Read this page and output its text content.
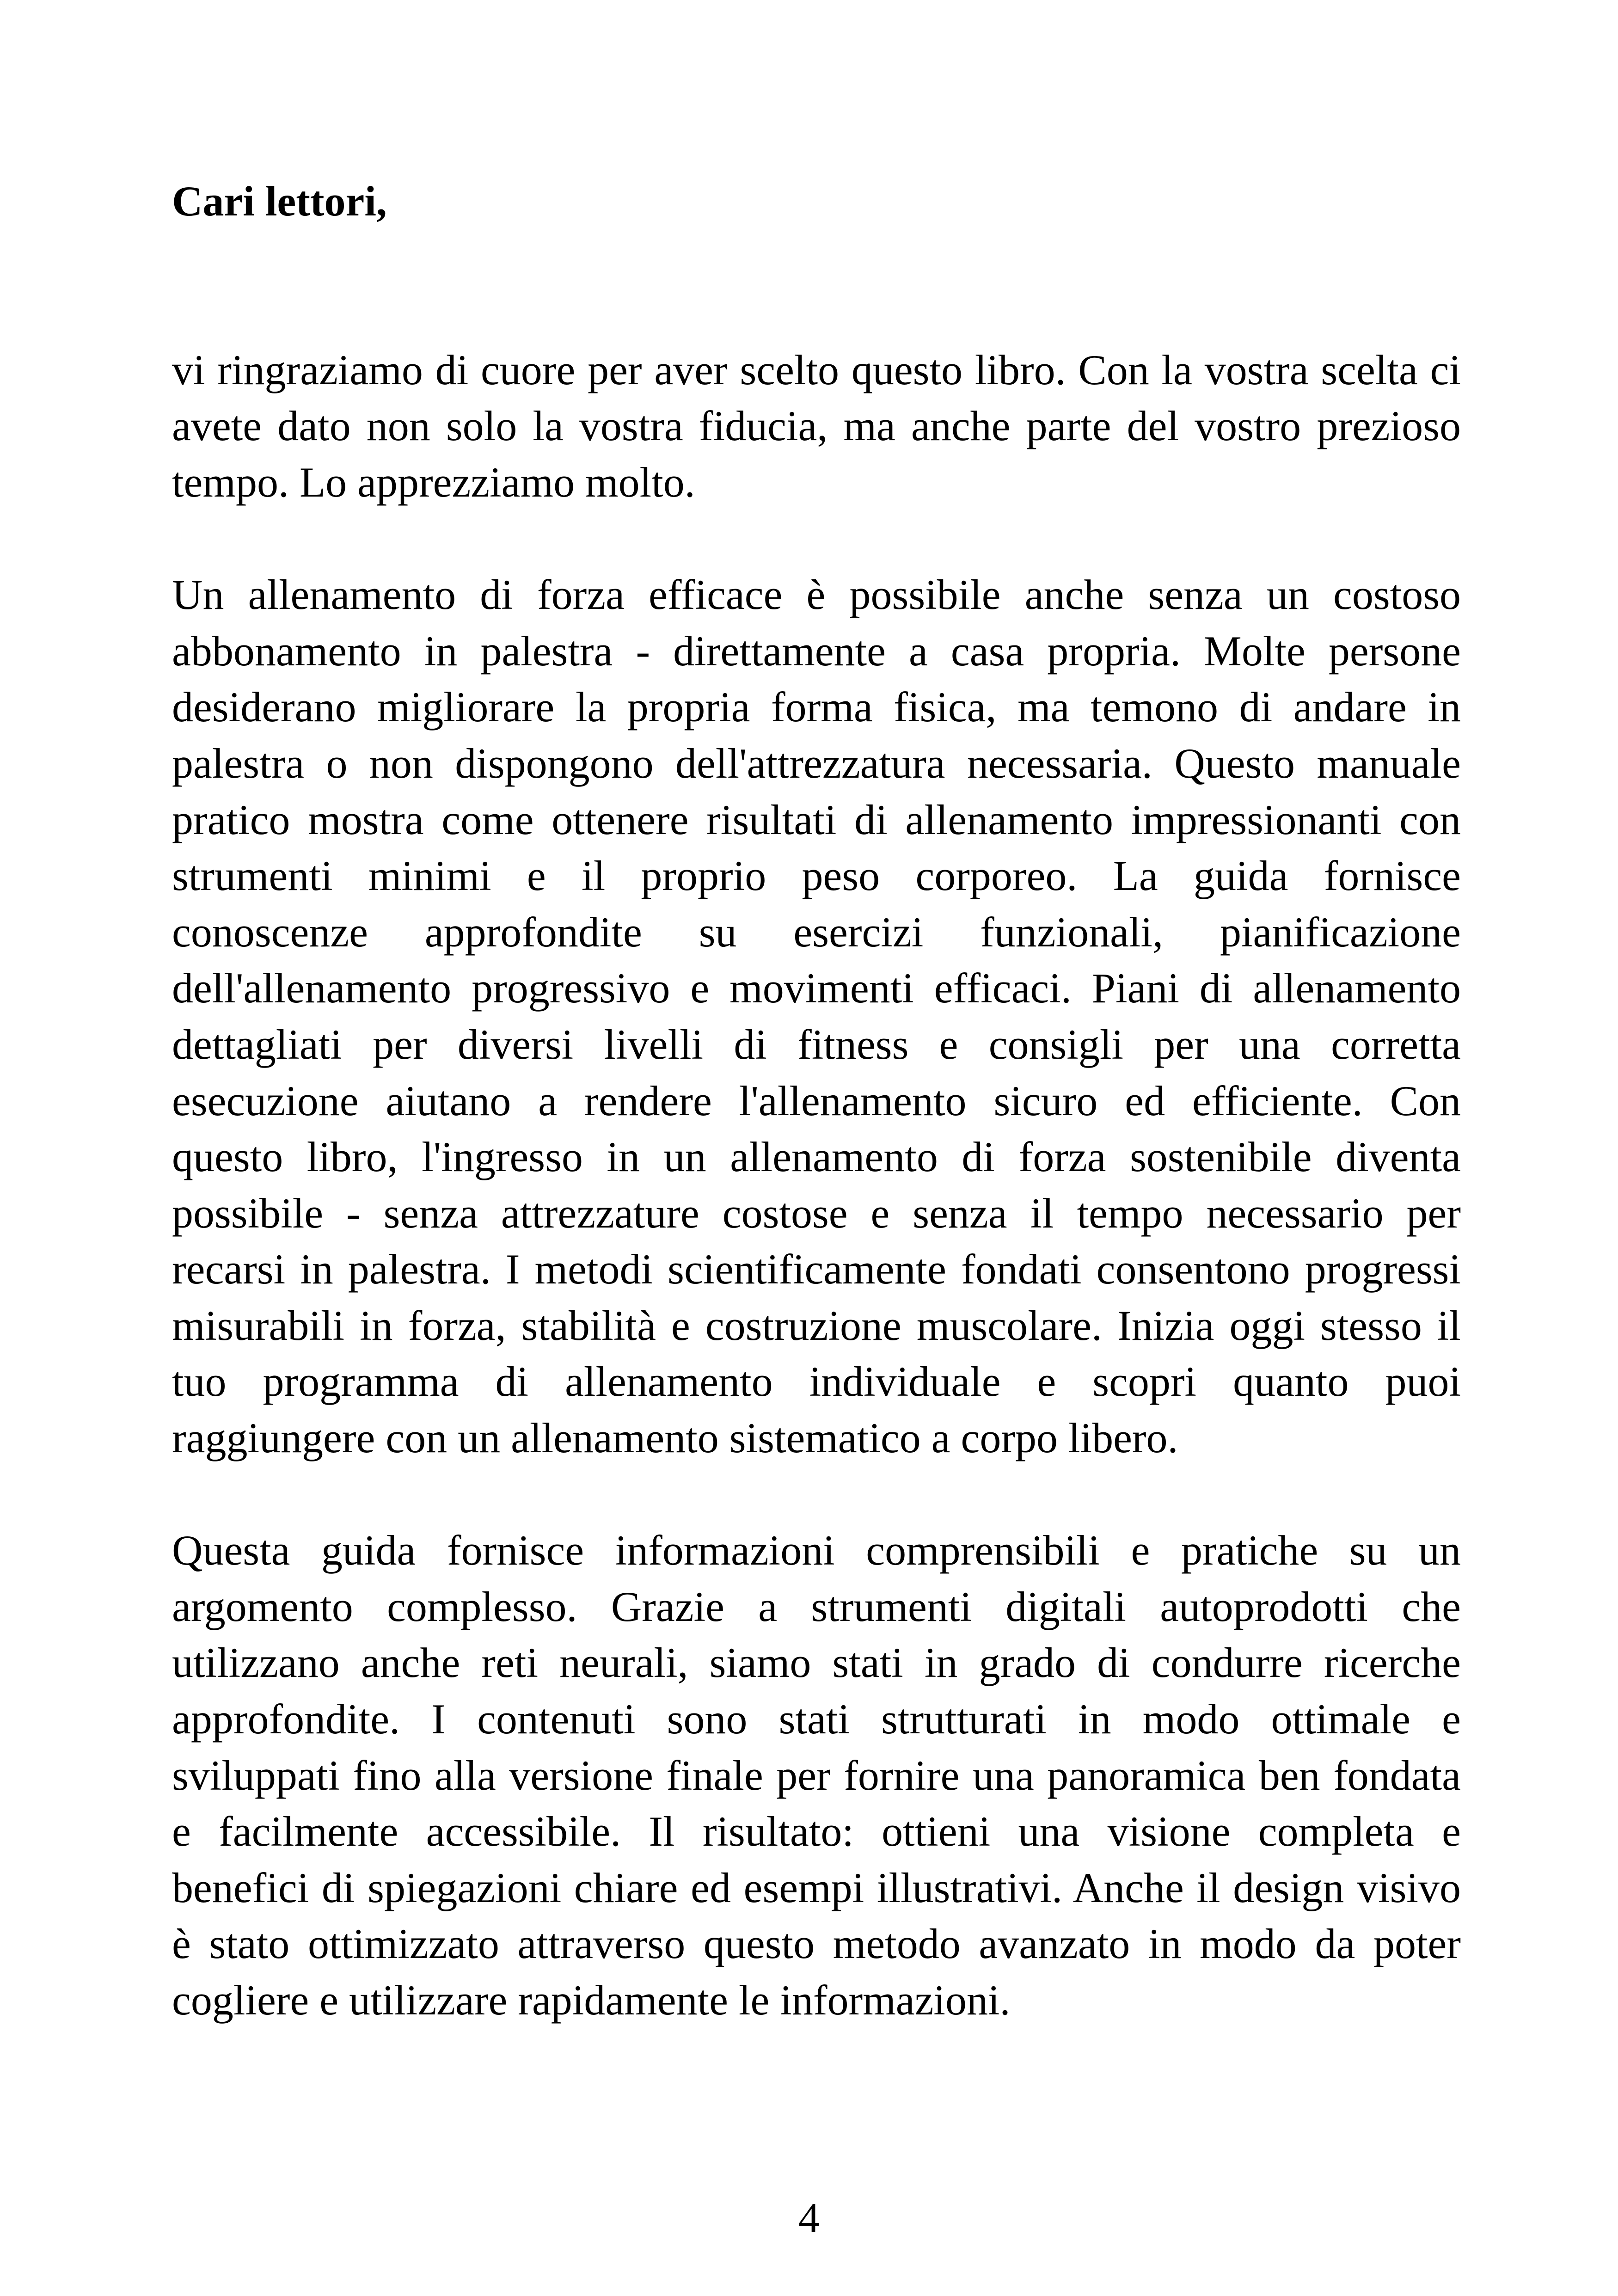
Cari lettori,
vi ringraziamo di cuore per aver scelto questo libro. Con la vostra scelta ci
avete dato non solo la vostra fiducia, ma anche parte del vostro prezioso
tempo. Lo apprezziamo molto.
Un allenamento di forza efficace è possibile anche senza un costoso
abbonamento in palestra - direttamente a casa propria. Molte persone
desiderano migliorare la propria forma fisica, ma temono di andare in
palestra o non dispongono dell'attrezzatura necessaria. Questo manuale
pratico mostra come ottenere risultati di allenamento impressionanti con
strumenti minimi e il proprio peso corporeo. La guida fornisce
conoscenze approfondite su esercizi funzionali, pianificazione
dell'allenamento progressivo e movimenti efficaci. Piani di allenamento
dettagliati per diversi livelli di fitness e consigli per una corretta
esecuzione aiutano a rendere l'allenamento sicuro ed efficiente. Con
questo libro, l'ingresso in un allenamento di forza sostenibile diventa
possibile - senza attrezzature costose e senza il tempo necessario per
recarsi in palestra. I metodi scientificamente fondati consentono progressi
misurabili in forza, stabilità e costruzione muscolare. Inizia oggi stesso il
tuo programma di allenamento individuale e scopri quanto puoi
raggiungere con un allenamento sistematico a corpo libero.
Questa guida fornisce informazioni comprensibili e pratiche su un
argomento complesso. Grazie a strumenti digitali autoprodotti che
utilizzano anche reti neurali, siamo stati in grado di condurre ricerche
approfondite. I contenuti sono stati strutturati in modo ottimale e
sviluppati fino alla versione finale per fornire una panoramica ben fondata
e facilmente accessibile. Il risultato: ottieni una visione completa e
benefici di spiegazioni chiare ed esempi illustrativi. Anche il design visivo
è stato ottimizzato attraverso questo metodo avanzato in modo da poter
cogliere e utilizzare rapidamente le informazioni.
4
